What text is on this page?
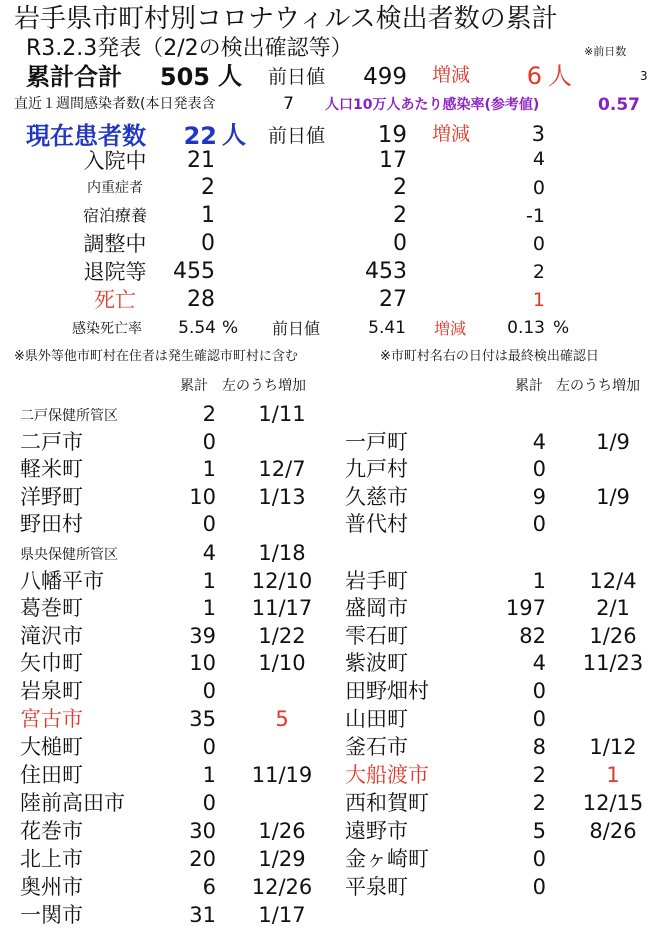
岩手県市町村別コロナウィルス検出者数の累計
R3.2.3発表（2/2の検出確認等）	※前日数
累計合計	505 人 前日値	499 増減	6 人	3
直近１週間感染者数(本日発表含	7 人口10万人あたり感染率(参考値)	0.57
現在患者数	22 人 前日値	19 増減	3
入院中	21	17	4
内重症者	2	2	0
宿泊療養	1	2	-1
調整中	0	0	0
退院等	455	453	2
死亡	28	27	1
感染死亡率	5.54 % 前日値	5.41 増減	0.13 %
※県外等他市町村在住者は発生確認市町村に含む	※市町村名右の日付は最終検出確認日
累計 左のうち増加	累計 左のうち増加
二戸保健所管区	2	1/11
二戸市	0
軽米町	1	12/7
洋野町	10	1/13
野田村	0
県央保健所管区	4	1/18
八幡平市	1	12/10
葛巻町	1	11/17
滝沢市	39	1/22
矢巾町	10	1/10
岩泉町	0
宮古市	35	5
大槌町	0
住田町	1	11/19
陸前高田市	0
花巻市	30	1/26
北上市	20	1/29
奥州市	6	12/26
一関市	31	1/17
一戸町	4	1/9
九戸村	0
久慈市	9	1/9
普代村	0
岩手町	1	12/4
盛岡市	197	2/1
雫石町	82	1/26
紫波町	4	11/23
田野畑村	0
山田町	0
釜石市	8	1/12
大船渡市	2	1
西和賀町	2	12/15
遠野市	5	8/26
金ヶ崎町	0
平泉町	0
